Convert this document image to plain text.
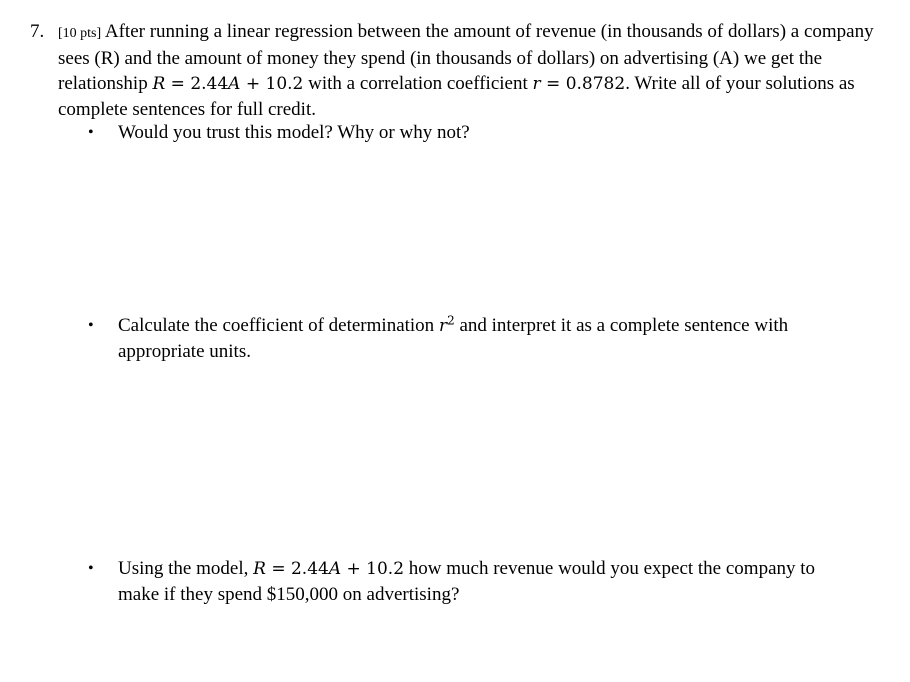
7. [10 pts] After running a linear regression between the amount of revenue (in thousands of dollars) a company sees (R) and the amount of money they spend (in thousands of dollars) on advertising (A) we get the relationship R = 2.44A + 10.2 with a correlation coefficient r = 0.8782. Write all of your solutions as complete sentences for full credit.
•	Would you trust this model? Why or why not?
•	Calculate the coefficient of determination $r^2$ and interpret it as a complete sentence with appropriate units.
•	Using the model, R = 2.44A + 10.2 how much revenue would you expect the company to make if they spend $150,000 on advertising?
